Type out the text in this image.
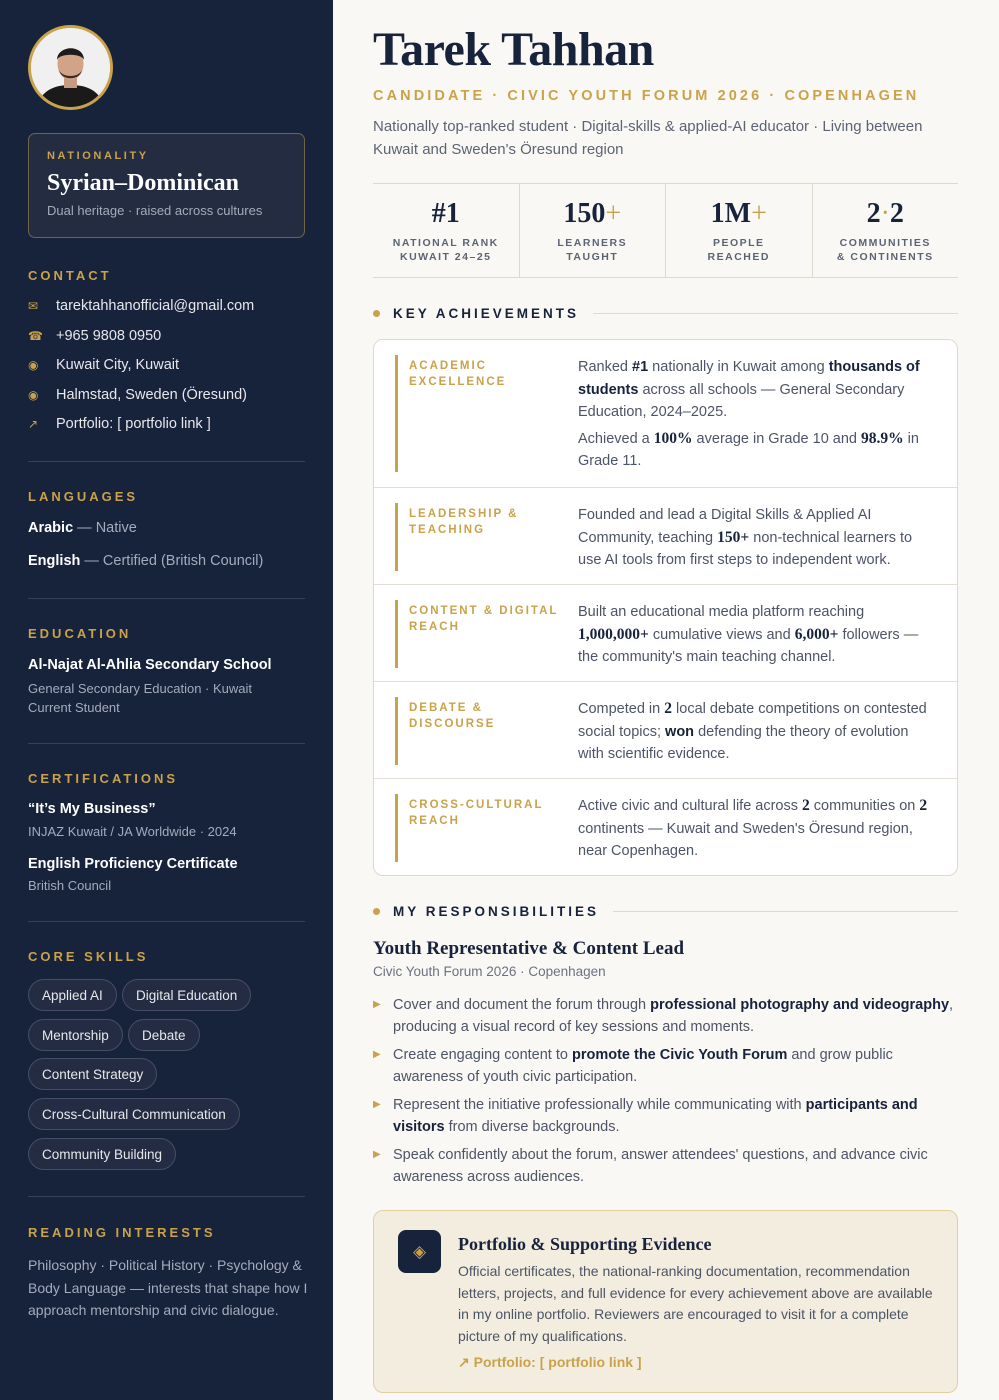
NATIONALITY
Syrian–Dominican
Dual heritage · raised across cultures
CONTACT
✉	tarektahhanofficial@gmail.com
☎ +965 9808 0950
◉	Kuwait City, Kuwait
◉	Halmstad, Sweden (Öresund)
↗	Portfolio: [ portfolio link ]
LANGUAGES
Arabic — Native
English — Certified (British Council)
EDUCATION
Al-Najat Al-Ahlia Secondary School
General Secondary Education · Kuwait
Current Student
CERTIFICATIONS
“It’s My Business”
INJAZ Kuwait / JA Worldwide · 2024
English Proficiency Certificate
British Council
CORE SKILLS
Applied AI	Digital Education
Mentorship	Debate
Content Strategy
Cross-Cultural Communication
Community Building
READING INTERESTS
Philosophy · Political History · Psychology & Body Language — interests that shape how I approach mentorship and civic dialogue.
Tarek Tahhan
CANDIDATE · CIVIC YOUTH FORUM 2026 · COPENHAGEN
Nationally top-ranked student · Digital-skills & applied-AI educator · Living between Kuwait and Sweden's Öresund region
#1
NATIONAL RANK
KUWAIT 24–25
150+
LEARNERS
TAUGHT
1M+
PEOPLE
REACHED
2·2
COMMUNITIES
& CONTINENTS
KEY ACHIEVEMENTS
ACADEMIC EXCELLENCE

Ranked #1 nationally in Kuwait among thousands of students across all schools — General Secondary Education, 2024–2025.

Achieved a 100% average in Grade 10 and 98.9% in Grade 11.

LEADERSHIP & TEACHING

Founded and lead a Digital Skills & Applied AI Community, teaching 150+ non-technical learners to use AI tools from first steps to independent work.

CONTENT & DIGITAL REACH

Built an educational media platform reaching 1,000,000+ cumulative views and 6,000+ followers — the community's main teaching channel.

DEBATE & DISCOURSE

Competed in 2 local debate competitions on contested social topics; won defending the theory of evolution with scientific evidence.

CROSS-CULTURAL REACH

Active civic and cultural life across 2 communities on 2 continents — Kuwait and Sweden's Öresund region, near Copenhagen.

MY RESPONSIBILITIES
Youth Representative & Content Lead
Civic Youth Forum 2026 · Copenhagen
▶ Cover and document the forum through professional photography and videography, producing a visual record of key sessions and moments.
▶ Create engaging content to promote the Civic Youth Forum and grow public awareness of youth civic participation.
▶ Represent the initiative professionally while communicating with participants and visitors from diverse backgrounds.
▶ Speak confidently about the forum, answer attendees' questions, and advance civic awareness across audiences.
◈	Portfolio & Supporting Evidence
Official certificates, the national-ranking documentation, recommendation letters, projects, and full evidence for every achievement above are available in my online portfolio. Reviewers are encouraged to visit it for a complete picture of my qualifications.
↗ Portfolio: [ portfolio link ]
